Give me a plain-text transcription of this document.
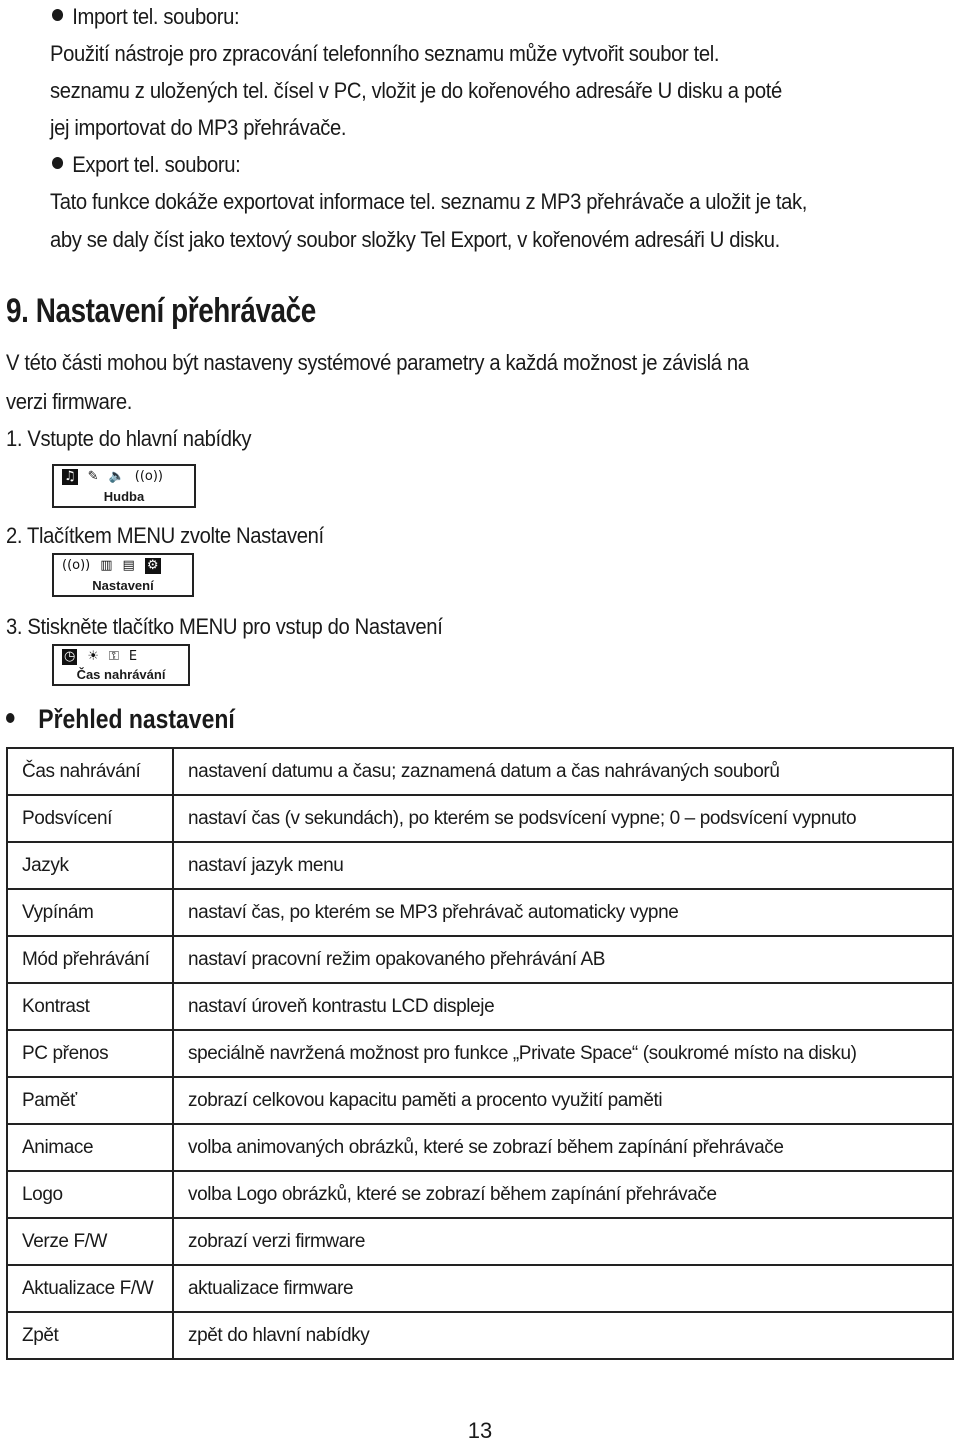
Import tel. souboru:
Použití nástroje pro zpracování telefonního seznamu může vytvořit soubor tel.
seznamu z uložených tel. čísel v PC, vložit je do kořenového adresáře U disku a poté
jej importovat do MP3 přehrávače.
Export tel. souboru:
Tato funkce dokáže exportovat informace tel. seznamu z MP3 přehrávače a uložit je tak,
aby se daly číst jako textový soubor složky Tel Export, v kořenovém adresáři U disku.
9. Nastavení přehrávače
V této části mohou být nastaveny systémové parametry a každá možnost je závislá na
verzi firmware.
1. Vstupte do hlavní nabídky
♫ ✎ 🔈 ((o))
Hudba
2. Tlačítkem MENU zvolte Nastavení
((o)) ▥ ▤ ⚙
Nastavení
3. Stiskněte tlačítko MENU pro vstup do Nastavení
◷ ☀ ⚿ E
Čas nahrávání
Přehled nastavení
Čas nahrávání	nastavení datumu a času; zaznamená datum a čas nahrávaných souborů
Podsvícení	nastaví čas (v sekundách), po kterém se podsvícení vypne; 0 – podsvícení vypnuto
Jazyk	nastaví jazyk menu
Vypínám	nastaví čas, po kterém se MP3 přehrávač automaticky vypne
Mód přehrávání	nastaví pracovní režim opakovaného přehrávání AB
Kontrast	nastaví úroveň kontrastu LCD displeje
PC přenos	speciálně navržená možnost pro funkce „Private Space“ (soukromé místo na disku)
Paměť	zobrazí celkovou kapacitu paměti a procento využití paměti
Animace	volba animovaných obrázků, které se zobrazí během zapínání přehrávače
Logo	volba Logo obrázků, které se zobrazí během zapínání přehrávače
Verze F/W	zobrazí verzi firmware
Aktualizace F/W	aktualizace firmware
Zpět	zpět do hlavní nabídky
13
